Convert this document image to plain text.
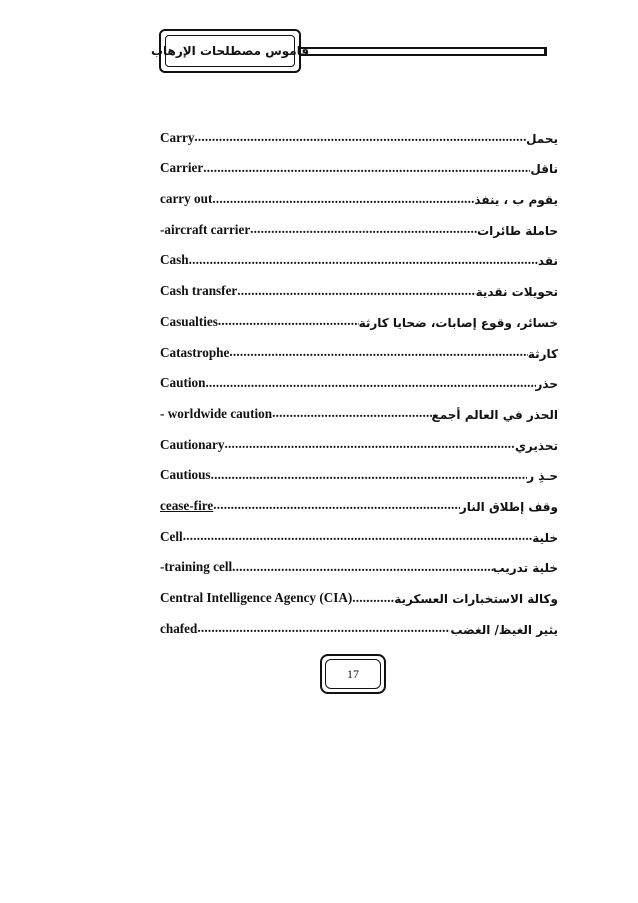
قاموس مصطلحات الإرهاب
Carry .....	يحمل
Carrier .....	ناقل
carry out .....	يقوم ب ، ينفذ
-aircraft carrier .....	حاملة طائرات
Cash .....	نقد
Cash transfer .....	تحويلات نقدية
Casualties .....	خسائر، وقوع إصابات، ضحايا كارثة
Catastrophe .....	كارثة
Caution .....	حذر
- worldwide caution .....	الحذر في العالم أجمع
Cautionary .....	تحذيري
Cautious .....	حـذِ ر
cease-fire .....	وقف إطلاق النار
Cell .....	خلية
-training cell .....	خلية تدريب
Central Intelligence Agency (CIA) .....	وكالة الاستخبارات العسكرية
chafed .....	يثير الغيظ/ الغضب
17
